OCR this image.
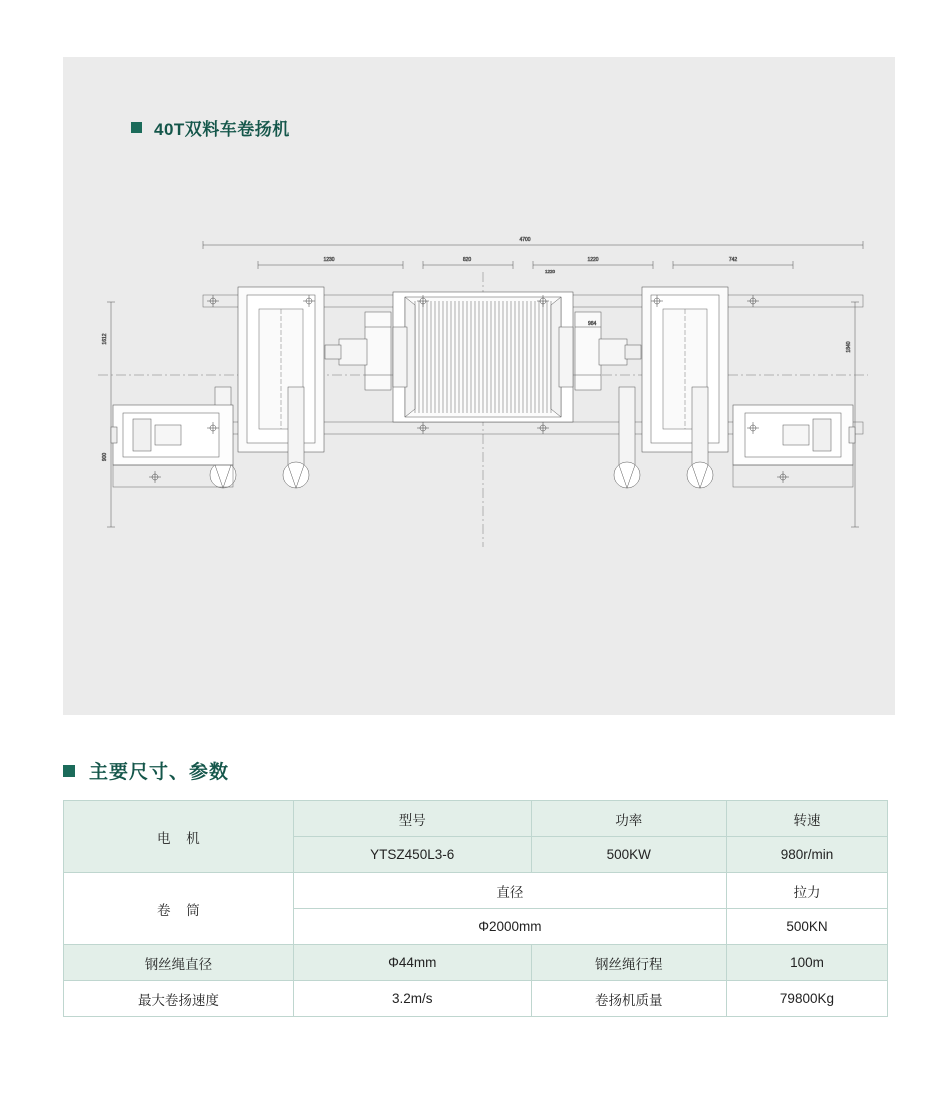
40T双料车卷扬机
4700
1230	820	1220	742
1612
900
1840
984
1220
主要尺寸、参数
电 机	型号	功率	转速
	YTSZ450L3-6	500KW	980r/min
卷 筒	直径		拉力
	Φ2000mm		500KN
钢丝绳直径	Φ44mm	钢丝绳行程	100m
最大卷扬速度	3.2m/s	卷扬机质量	79800Kg
